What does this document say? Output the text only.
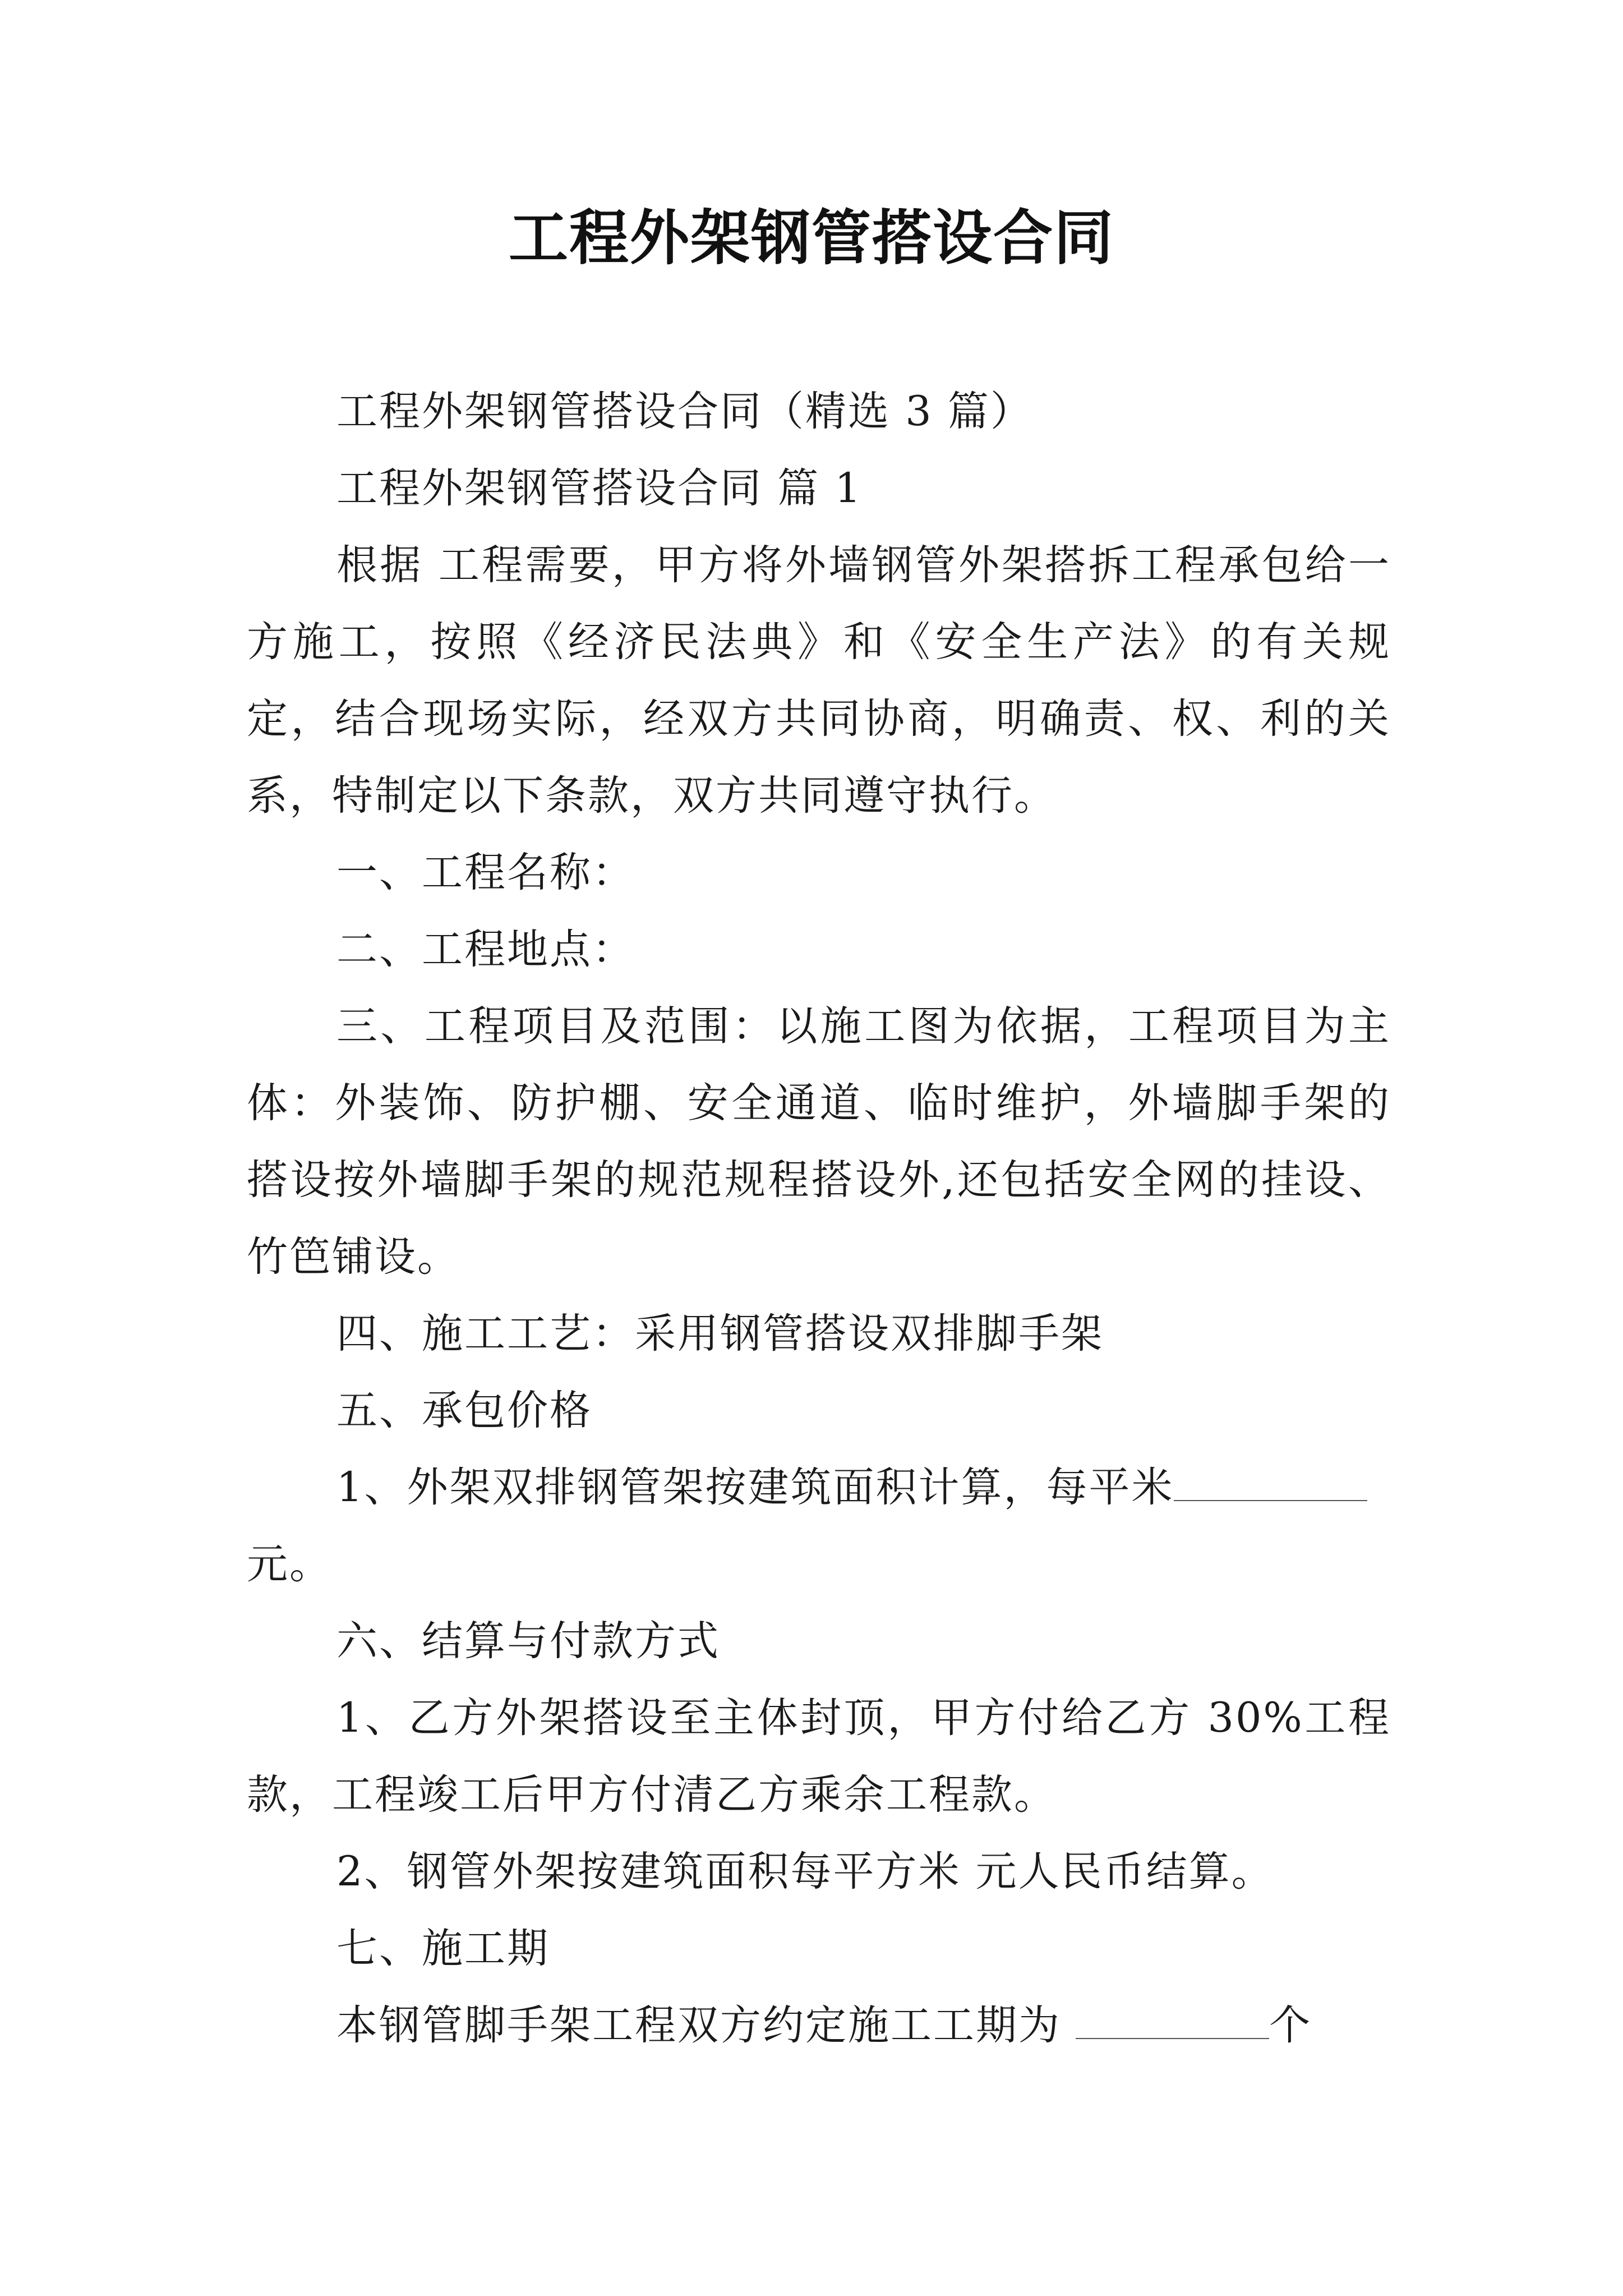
工程外架钢管搭设合同

工程外架钢管搭设合同（精选 3 篇）

工程外架钢管搭设合同 篇 1

根据 工程需要，甲方将外墙钢管外架搭拆工程承包给一方施工，按照《经济民法典》和《安全生产法》的有关规定，结合现场实际，经双方共同协商，明确责、权、利的关系，特制定以下条款，双方共同遵守执行。

一、工程名称：

二、工程地点：

三、工程项目及范围：以施工图为依据，工程项目为主体：外装饰、防护棚、安全通道、临时维护，外墙脚手架的搭设按外墙脚手架的规范规程搭设外,还包括安全网的挂设、竹笆铺设。

四、施工工艺：采用钢管搭设双排脚手架

五、承包价格

1、外架双排钢管架按建筑面积计算，每平米

元。

六、结算与付款方式

1、乙方外架搭设至主体封顶，甲方付给乙方 30%工程款，工程竣工后甲方付清乙方乘余工程款。

2、钢管外架按建筑面积每平方米 元人民币结算。

七、施工期

本钢管脚手架工程双方约定施工工期为	个
